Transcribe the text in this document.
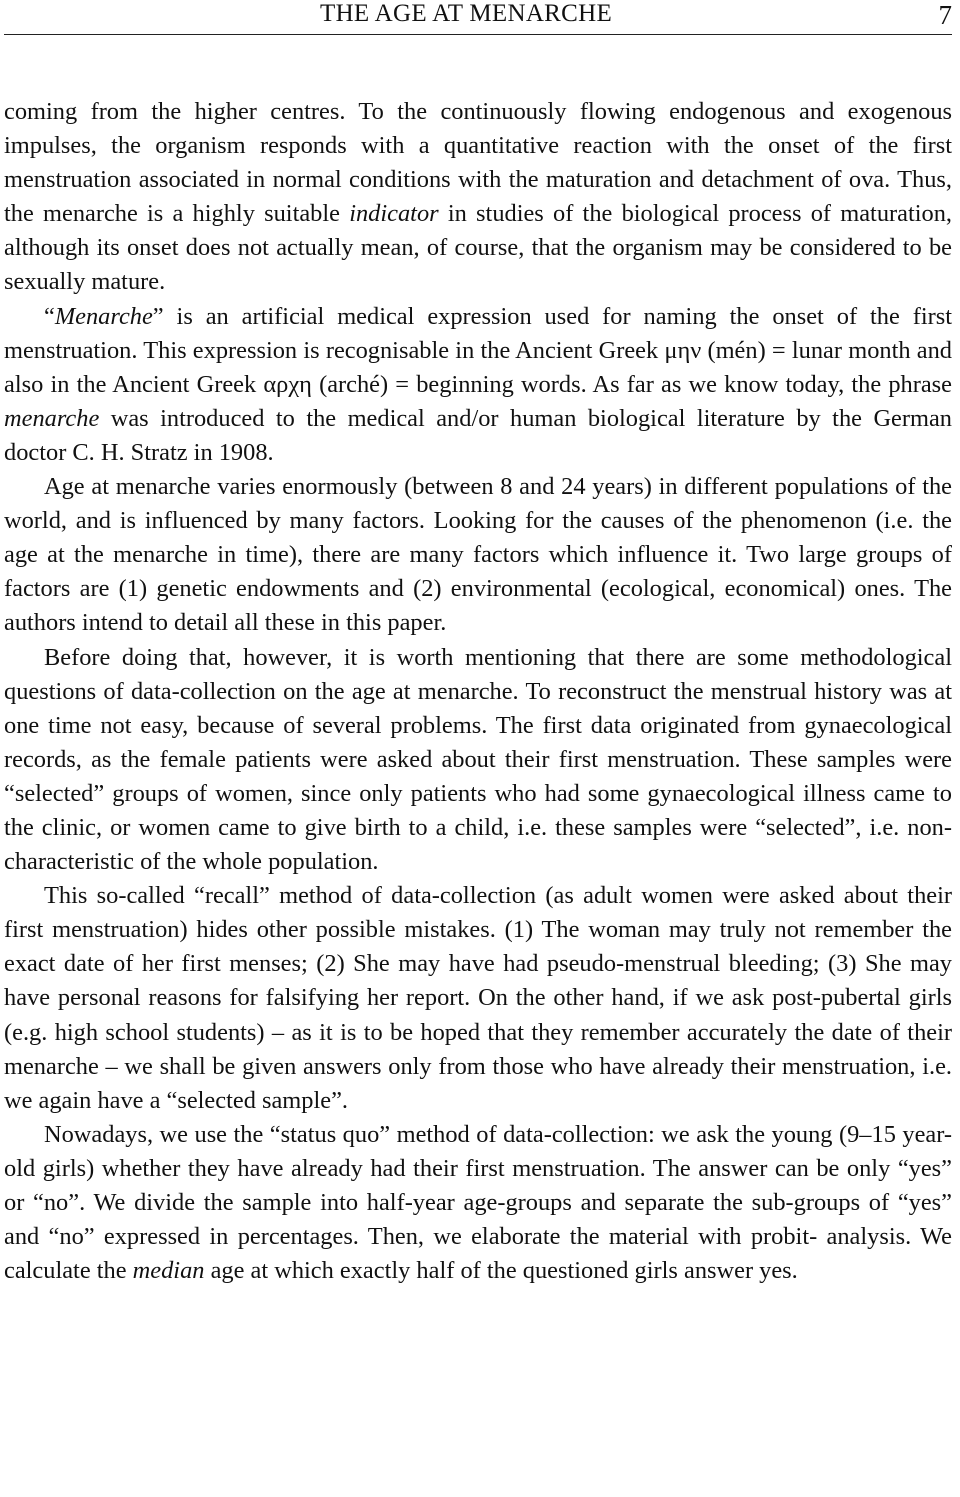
THE AGE AT MENARCHE	7

coming from the higher centres. To the continuously flowing endogenous and exogenous impulses, the organism responds with a quantitative reaction with the onset of the first menstruation associated in normal conditions with the maturation and detachment of ova. Thus, the menarche is a highly suitable indicator in studies of the biological process of maturation, although its onset does not actually mean, of course, that the organism may be considered to be sexually mature.

“Menarche” is an artificial medical expression used for naming the onset of the first menstruation. This expression is recognisable in the Ancient Greek μην (mén) = lunar month and also in the Ancient Greek αρχη (arché) = beginning words. As far as we know today, the phrase menarche was introduced to the medical and/or human biological literature by the German doctor C. H. Stratz in 1908.

Age at menarche varies enormously (between 8 and 24 years) in different populations of the world, and is influenced by many factors. Looking for the causes of the phenomenon (i.e. the age at the menarche in time), there are many factors which influence it. Two large groups of factors are (1) genetic endowments and (2) environmental (ecological, economical) ones. The authors intend to detail all these in this paper.

Before doing that, however, it is worth mentioning that there are some methodological questions of data-collection on the age at menarche. To reconstruct the menstrual history was at one time not easy, because of several problems. The first data originated from gynaecological records, as the female patients were asked about their first menstruation. These samples were “selected” groups of women, since only patients who had some gynaecological illness came to the clinic, or women came to give birth to a child, i.e. these samples were “selected”, i.e. non-characteristic of the whole population.

This so-called “recall” method of data-collection (as adult women were asked about their first menstruation) hides other possible mistakes. (1) The woman may truly not remember the exact date of her first menses; (2) She may have had pseudo-menstrual bleeding; (3) She may have personal reasons for falsifying her report. On the other hand, if we ask post-pubertal girls (e.g. high school students) – as it is to be hoped that they remember accurately the date of their menarche – we shall be given answers only from those who have already their menstruation, i.e. we again have a “selected sample”.

Nowadays, we use the “status quo” method of data-collection: we ask the young (9–15 year-old girls) whether they have already had their first menstruation. The answer can be only “yes” or “no”. We divide the sample into half-year age-groups and separate the sub-groups of “yes” and “no” expressed in percentages. Then, we elaborate the material with probit- analysis. We calculate the median age at which exactly half of the questioned girls answer yes.
